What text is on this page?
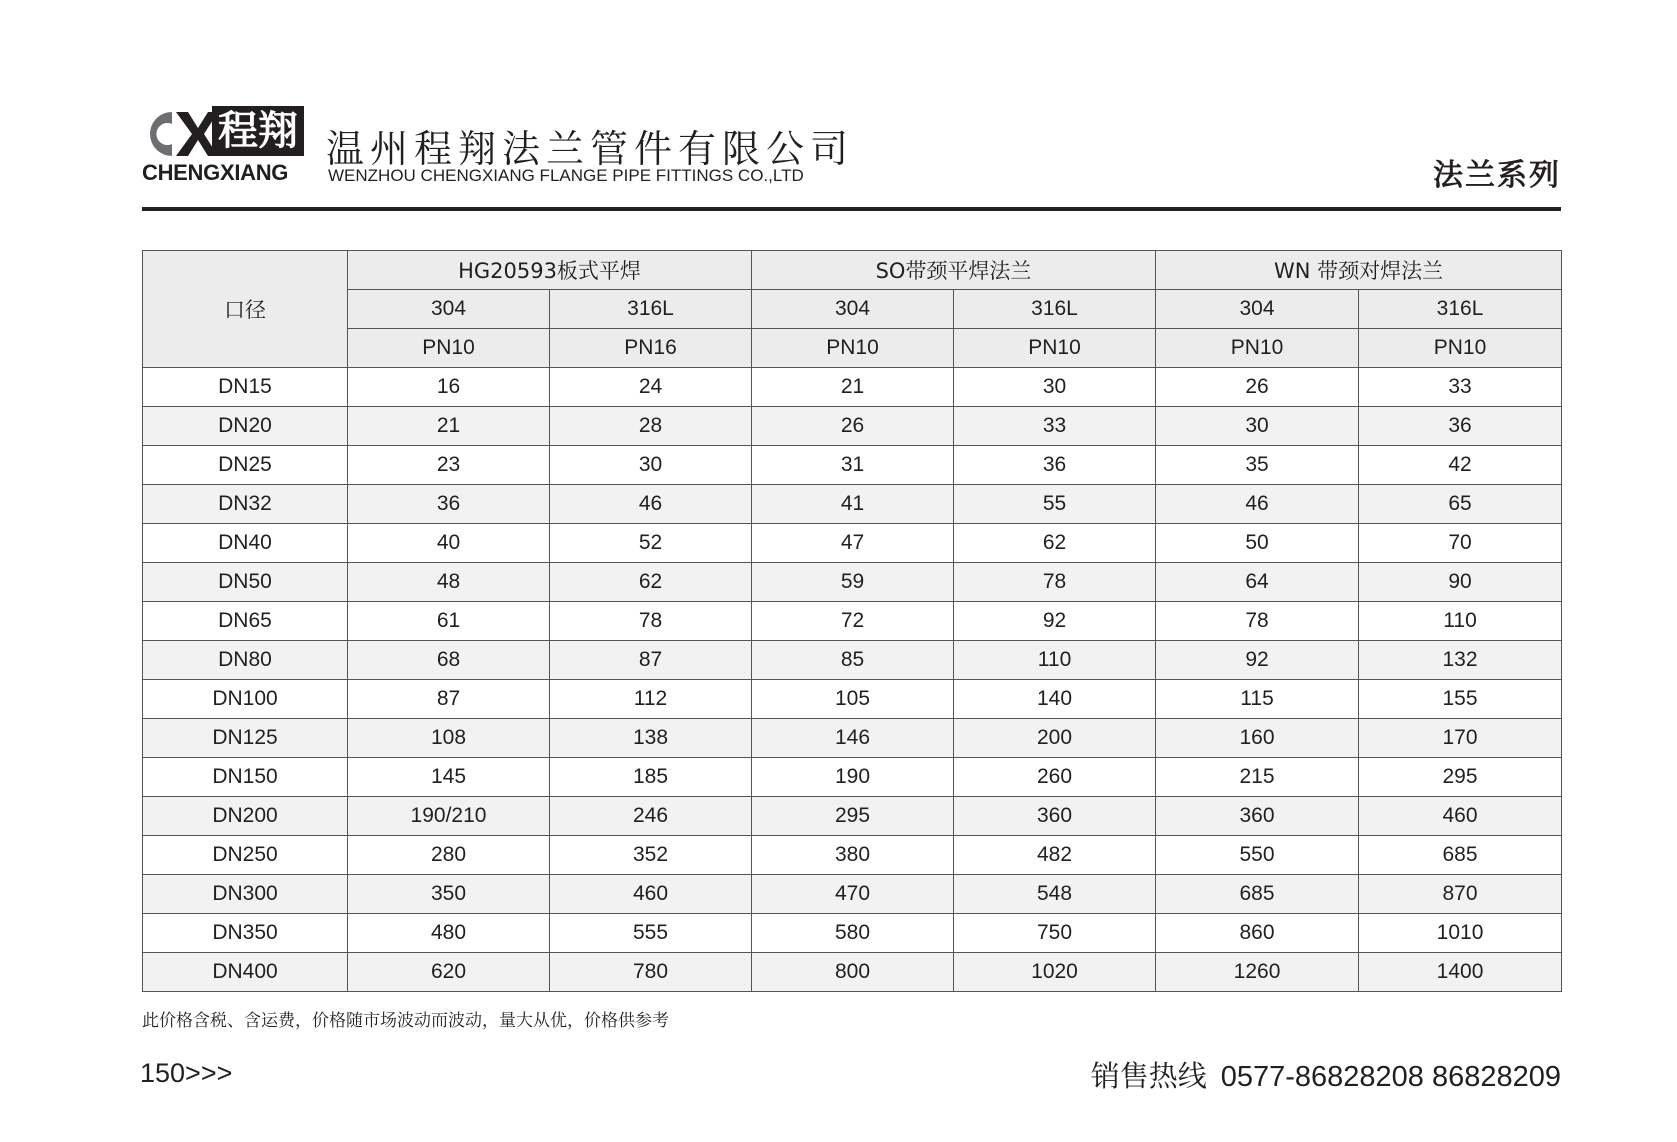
程翔
CHENGXIANG
温州程翔法兰管件有限公司
WENZHOU CHENGXIANG FLANGE PIPE FITTINGS CO.,LTD	法兰系列
口径	HG20593板式平焊		SO带颈平焊法兰		WN 带颈对焊法兰	
	304	316L	304	316L	304	316L
	PN10	PN16	PN10	PN10	PN10	PN10
DN15	16	24	21	30	26	33
DN20	21	28	26	33	30	36
DN25	23	30	31	36	35	42
DN32	36	46	41	55	46	65
DN40	40	52	47	62	50	70
DN50	48	62	59	78	64	90
DN65	61	78	72	92	78	110
DN80	68	87	85	110	92	132
DN100	87	112	105	140	115	155
DN125	108	138	146	200	160	170
DN150	145	185	190	260	215	295
DN200	190/210	246	295	360	360	460
DN250	280	352	380	482	550	685
DN300	350	460	470	548	685	870
DN350	480	555	580	750	860	1010
DN400	620	780	800	1020	1260	1400
此价格含税、含运费，价格随市场波动而波动，量大从优，价格供参考
150>>>	销售热线 0577-86828208 86828209
